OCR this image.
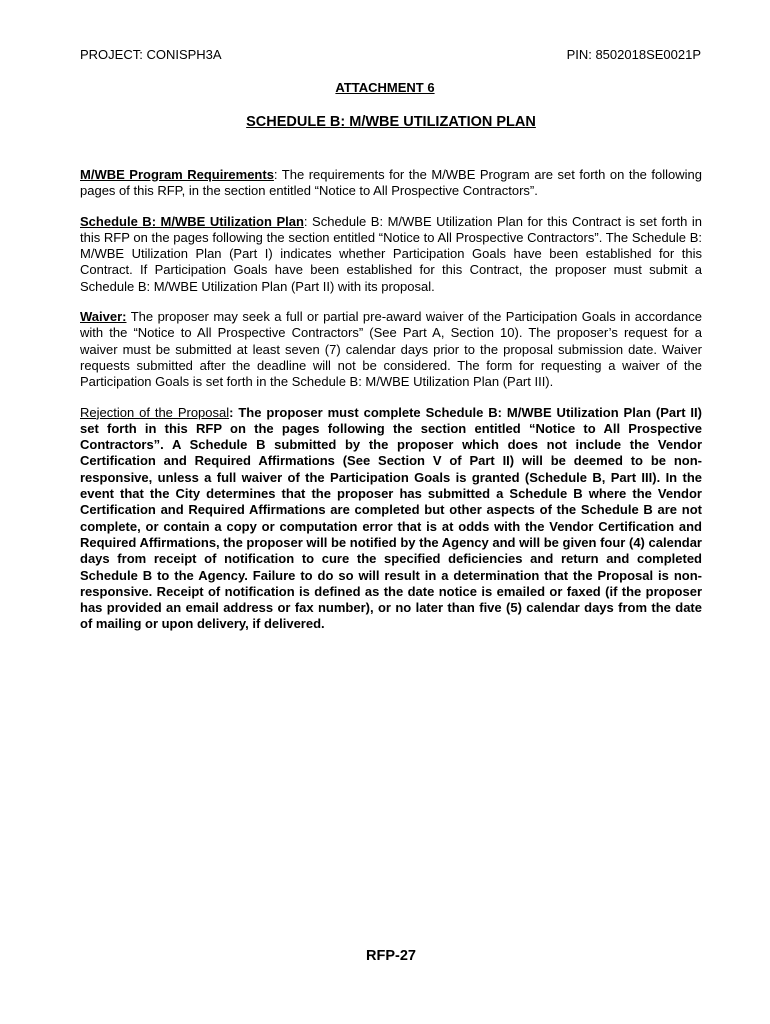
PROJECT: CONISPH3A	PIN: 8502018SE0021P
ATTACHMENT 6
SCHEDULE B: M/WBE UTILIZATION PLAN

M/WBE Program Requirements: The requirements for the M/WBE Program are set forth on the following pages of this RFP, in the section entitled “Notice to All Prospective Contractors”.

Schedule B: M/WBE Utilization Plan: Schedule B: M/WBE Utilization Plan for this Contract is set forth in this RFP on the pages following the section entitled “Notice to All Prospective Contractors”. The Schedule B: M/WBE Utilization Plan (Part I) indicates whether Participation Goals have been established for this Contract. If Participation Goals have been established for this Contract, the proposer must submit a Schedule B: M/WBE Utilization Plan (Part II) with its proposal.

Waiver: The proposer may seek a full or partial pre-award waiver of the Participation Goals in accordance with the “Notice to All Prospective Contractors” (See Part A, Section 10). The proposer’s request for a waiver must be submitted at least seven (7) calendar days prior to the proposal submission date. Waiver requests submitted after the deadline will not be considered. The form for requesting a waiver of the Participation Goals is set forth in the Schedule B: M/WBE Utilization Plan (Part III).

Rejection of the Proposal: The proposer must complete Schedule B: M/WBE Utilization Plan (Part II) set forth in this RFP on the pages following the section entitled “Notice to All Prospective Contractors”. A Schedule B submitted by the proposer which does not include the Vendor Certification and Required Affirmations (See Section V of Part II) will be deemed to be non-responsive, unless a full waiver of the Participation Goals is granted (Schedule B, Part III). In the event that the City determines that the proposer has submitted a Schedule B where the Vendor Certification and Required Affirmations are completed but other aspects of the Schedule B are not complete, or contain a copy or computation error that is at odds with the Vendor Certification and Required Affirmations, the proposer will be notified by the Agency and will be given four (4) calendar days from receipt of notification to cure the specified deficiencies and return and completed Schedule B to the Agency. Failure to do so will result in a determination that the Proposal is non-responsive. Receipt of notification is defined as the date notice is emailed or faxed (if the proposer has provided an email address or fax number), or no later than five (5) calendar days from the date of mailing or upon delivery, if delivered.

RFP-27
